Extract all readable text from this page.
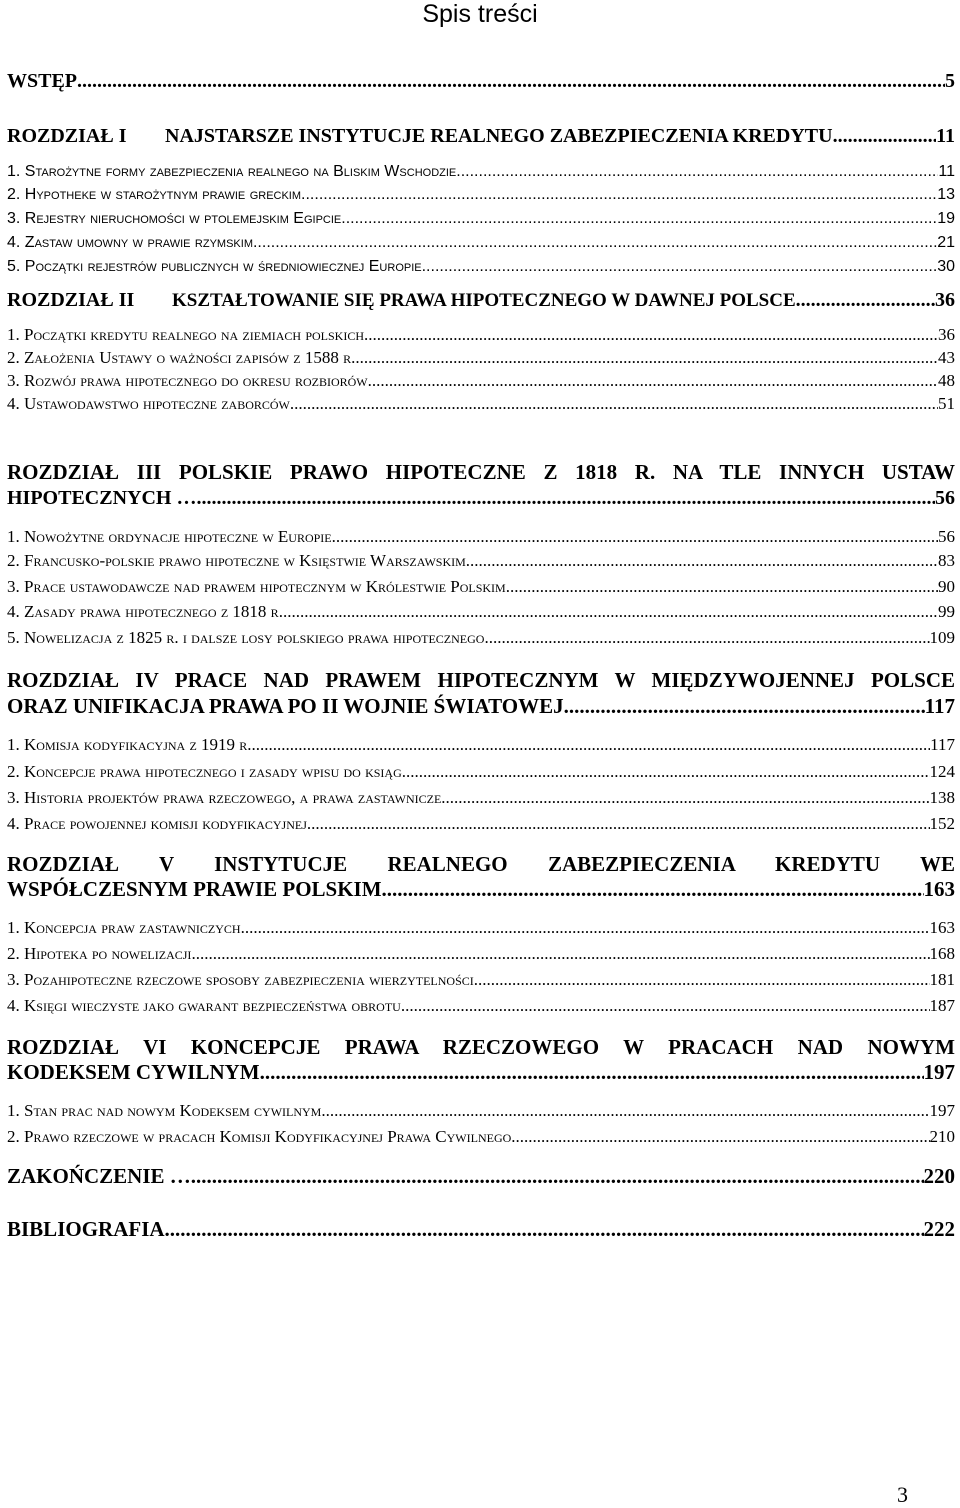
Spis treści
WSTĘP .....	5
ROZDZIAŁ I	NAJSTARSZE INSTYTUCJE REALNEGO ZABEZPIECZENIA KREDYTU .....	11
1. Starożytne formy zabezpieczenia realnego na Bliskim Wschodzie .....	11
2. Hypotheke w starożytnym prawie greckim .....	13
3. Rejestry nieruchomości w ptolemejskim Egipcie .....	19
4. Zastaw umowny w prawie rzymskim .....	21
5. Początki rejestrów publicznych w średniowiecznej Europie .....	30
ROZDZIAŁ II	KSZTAŁTOWANIE SIĘ PRAWA HIPOTECZNEGO W DAWNEJ POLSCE .....	36
1. Początki kredytu realnego na ziemiach polskich .....	36
2. Założenia Ustawy o ważności zapisów z 1588 r .....	43
3. Rozwój prawa hipotecznego do okresu rozbiorów .....	48
4. Ustawodawstwo hipoteczne zaborców .....	51
ROZDZIAŁ III POLSKIE PRAWO HIPOTECZNE Z 1818 R. NA TLE INNYCH USTAW
HIPOTECZNYCH … .....	56
1. Nowożytne ordynacje hipoteczne w Europie .....	56
2. Francusko-polskie prawo hipoteczne w Księstwie Warszawskim .....	83
3. Prace ustawodawcze nad prawem hipotecznym w Królestwie Polskim .....	90
4. Zasady prawa hipotecznego z 1818 r .....	99
5. Nowelizacja z 1825 r. i dalsze losy polskiego prawa hipotecznego .....	109
ROZDZIAŁ IV PRACE NAD PRAWEM HIPOTECZNYM W MIĘDZYWOJENNEJ POLSCE
ORAZ UNIFIKACJA PRAWA PO II WOJNIE ŚWIATOWEJ .....	117
1. Komisja kodyfikacyjna z 1919 r .....	117
2. Koncepcje prawa hipotecznego i zasady wpisu do ksiąg .....	124
3. Historia projektów prawa rzeczowego, a prawa zastawnicze .....	138
4. Prace powojennej komisji kodyfikacyjnej .....	152
ROZDZIAŁ V INSTYTUCJE REALNEGO ZABEZPIECZENIA KREDYTU WE
WSPÓŁCZESNYM PRAWIE POLSKIM .....	163
1. Koncepcja praw zastawniczych .....	163
2. Hipoteka po nowelizacji .....	168
3. Pozahipoteczne rzeczowe sposoby zabezpieczenia wierzytelności .....	181
4. Księgi wieczyste jako gwarant bezpieczeństwa obrotu .....	187
ROZDZIAŁ VI KONCEPCJE PRAWA RZECZOWEGO W PRACACH NAD NOWYM
KODEKSEM CYWILNYM .....	197
1. Stan prac nad nowym Kodeksem cywilnym .....	197
2. Prawo rzeczowe w pracach Komisji Kodyfikacyjnej Prawa Cywilnego .....	210
ZAKOŃCZENIE … .....	220
BIBLIOGRAFIA .....	222
3
